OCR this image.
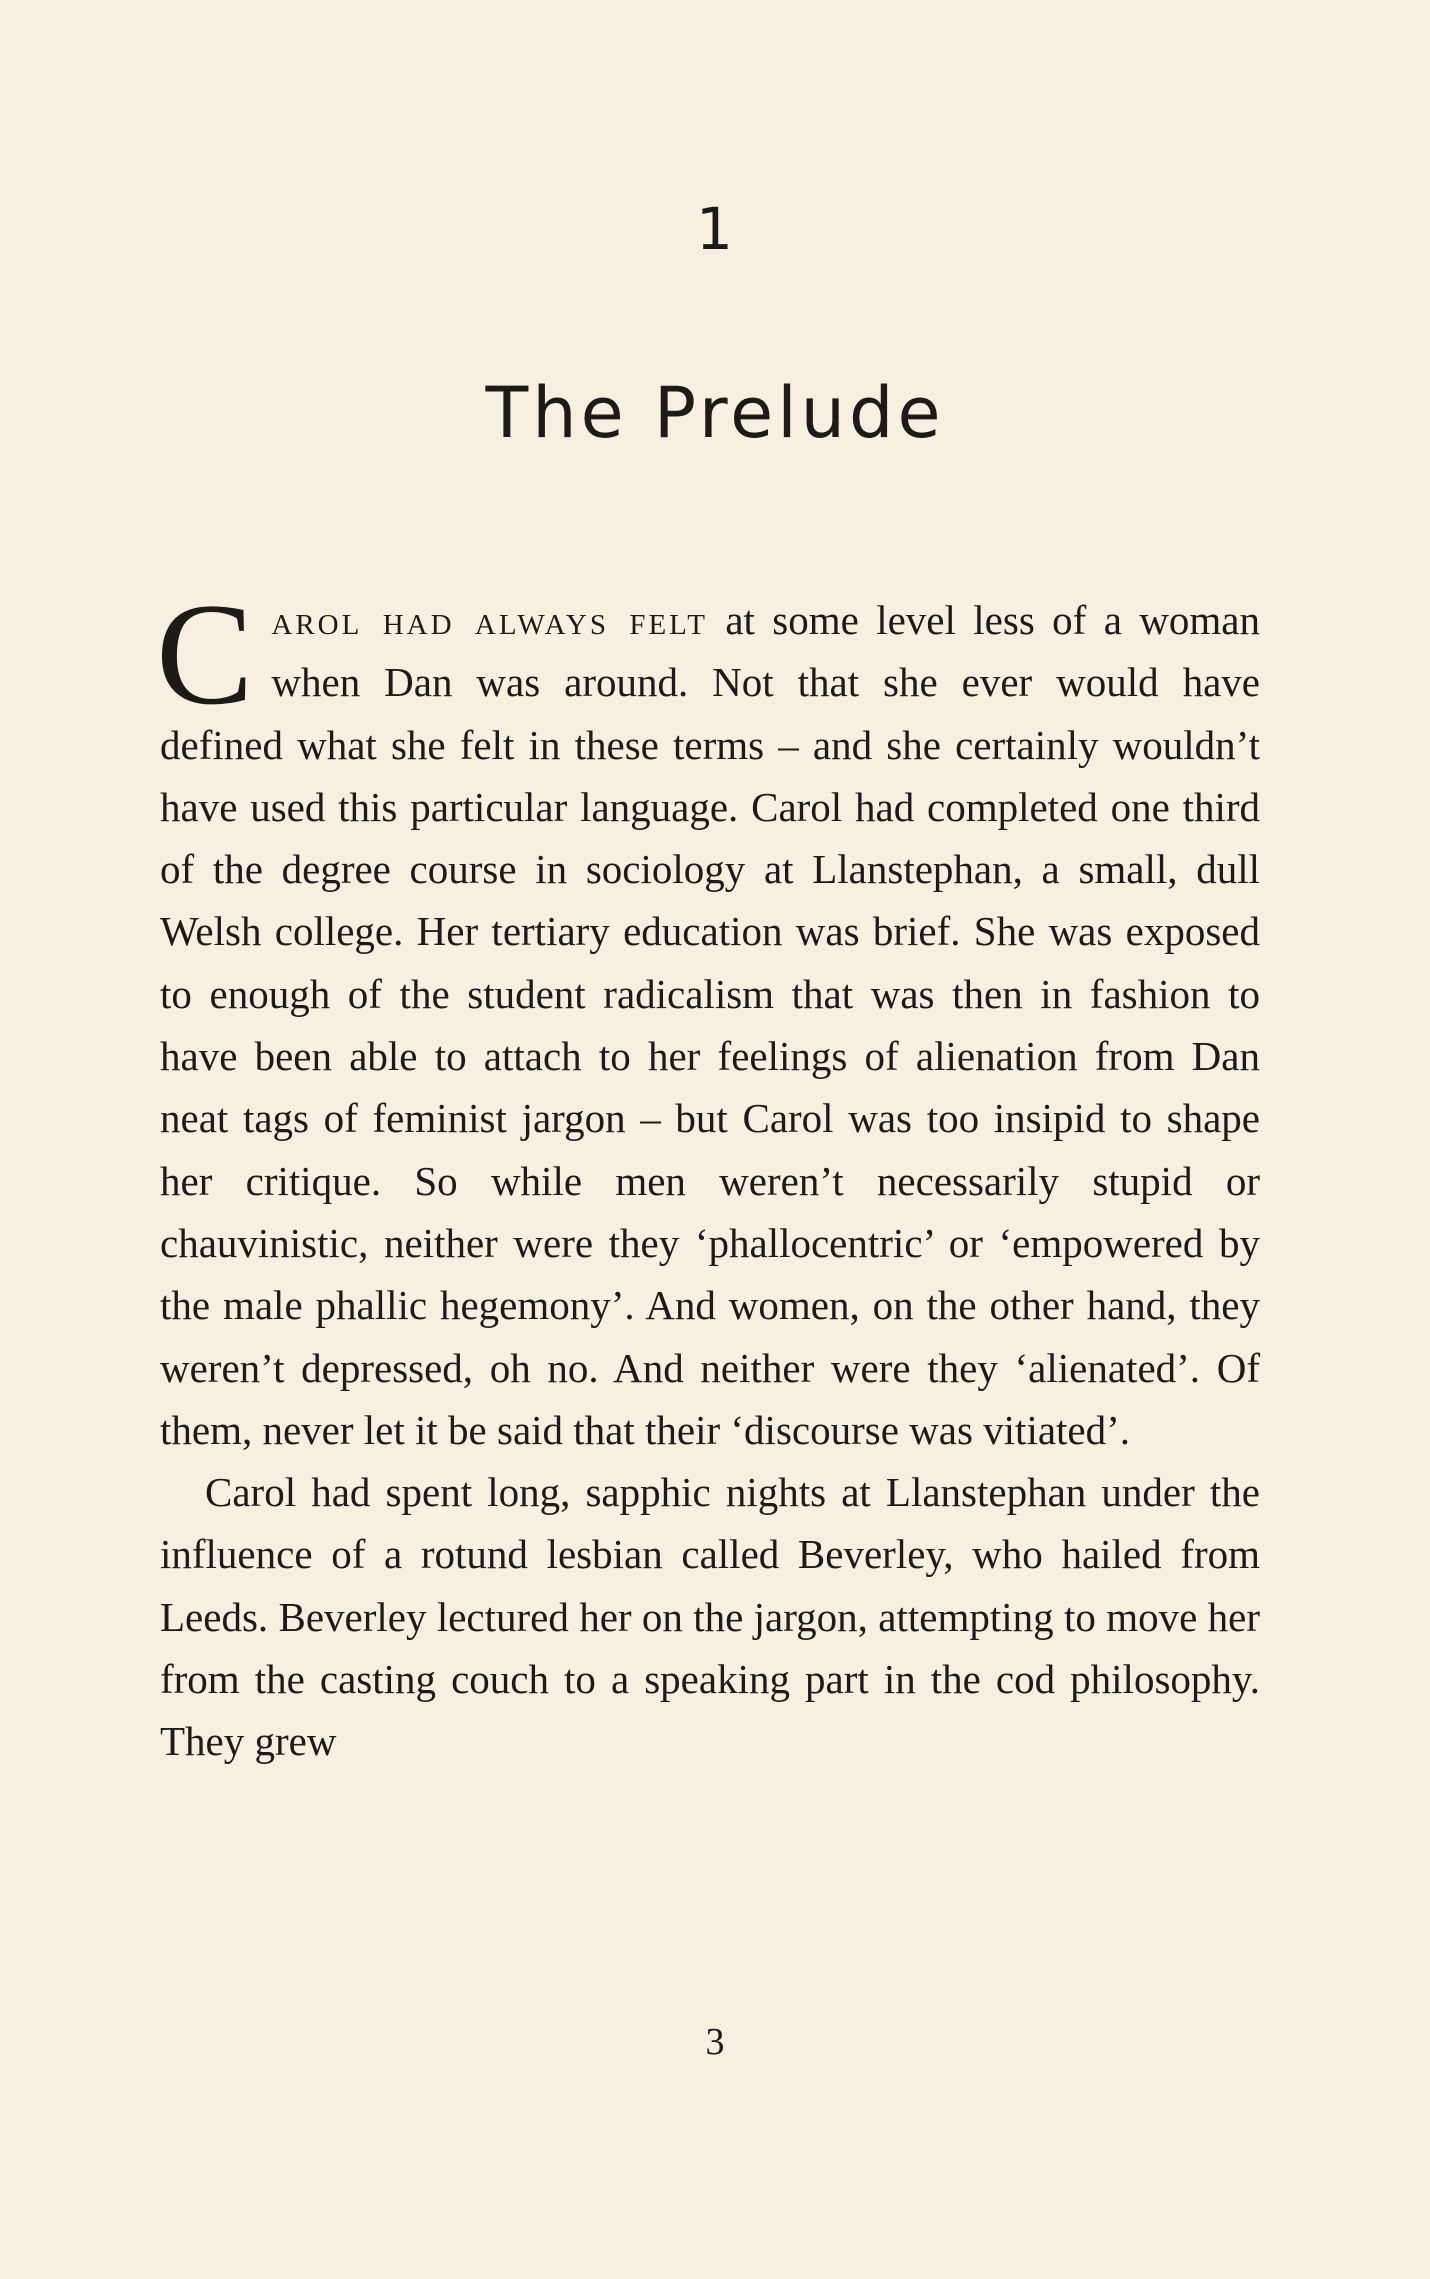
1
The Prelude

Carol had always felt at some level less of a woman when Dan was around. Not that she ever would have defined what she felt in these terms – and she certainly wouldn’t have used this particular language. Carol had completed one third of the degree course in sociology at Llanstephan, a small, dull Welsh college. Her tertiary education was brief. She was exposed to enough of the student radicalism that was then in fashion to have been able to attach to her feelings of alienation from Dan neat tags of feminist jargon – but Carol was too insipid to shape her critique. So while men weren’t necessarily stupid or chauvinistic, neither were they ‘phallocentric’ or ‘empowered by the male phallic hegemony’. And women, on the other hand, they weren’t depressed, oh no. And neither were they ‘alienated’. Of them, never let it be said that their ‘discourse was vitiated’.

Carol had spent long, sapphic nights at Llanstephan under the influence of a rotund lesbian called Beverley, who hailed from Leeds. Beverley lectured her on the jargon, attempting to move her from the casting couch to a speaking part in the cod philosophy. They grew

3
